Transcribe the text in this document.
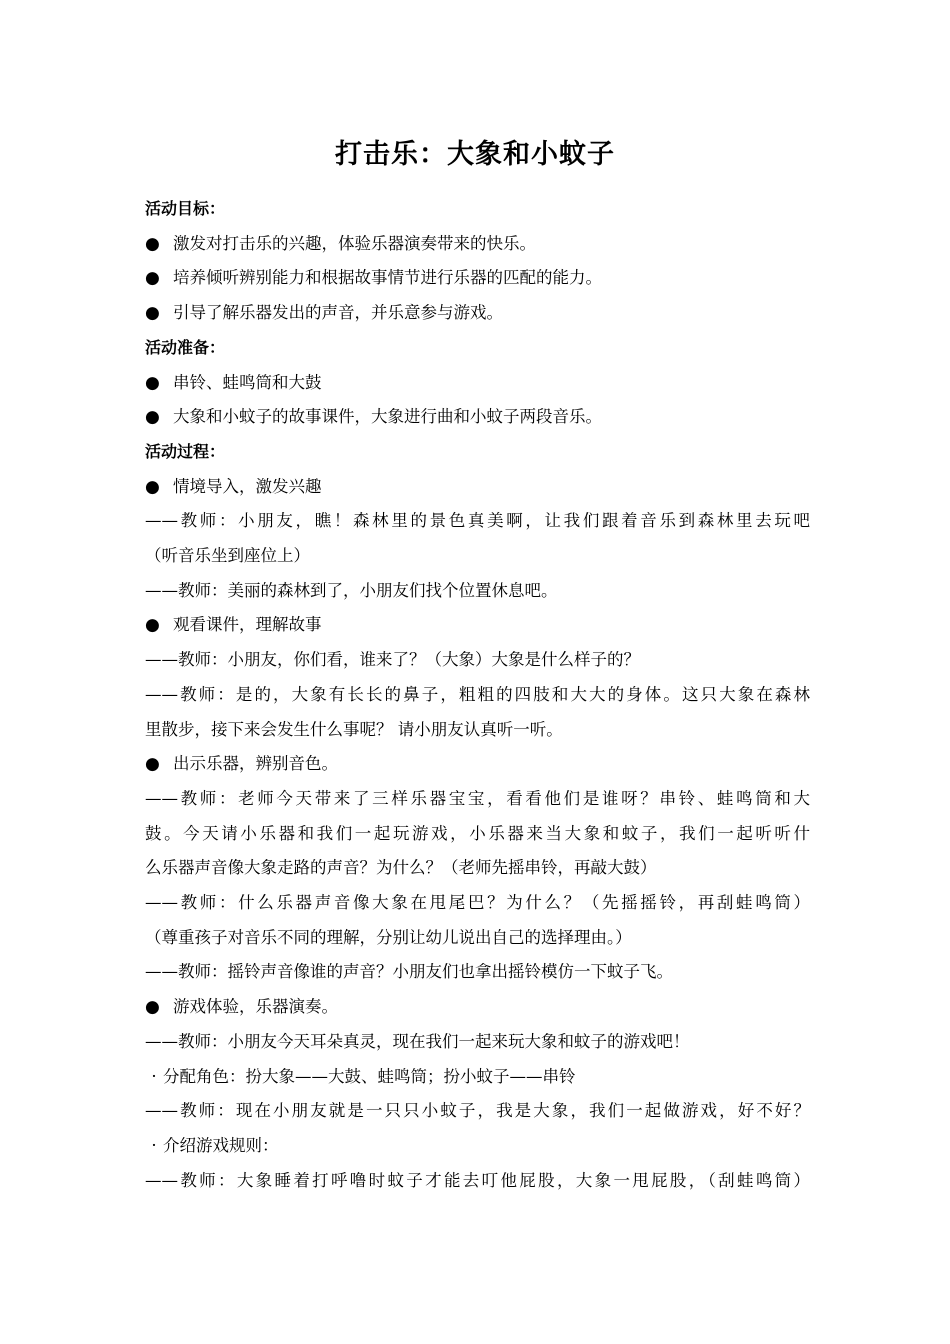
打击乐：大象和小蚊子
活动目标：
● 激发对打击乐的兴趣，体验乐器演奏带来的快乐。
● 培养倾听辨别能力和根据故事情节进行乐器的匹配的能力。
● 引导了解乐器发出的声音，并乐意参与游戏。
活动准备：
● 串铃、蛙鸣筒和大鼓
● 大象和小蚊子的故事课件，大象进行曲和小蚊子两段音乐。
活动过程：
● 情境导入，激发兴趣
——教师：小朋友，瞧！森林里的景色真美啊，让我们跟着音乐到森林里去玩吧
（听音乐坐到座位上）
——教师：美丽的森林到了，小朋友们找个位置休息吧。
● 观看课件，理解故事
——教师：小朋友，你们看，谁来了？（大象）大象是什么样子的？
——教师：是的，大象有长长的鼻子，粗粗的四肢和大大的身体。这只大象在森林
里散步，接下来会发生什么事呢？ 请小朋友认真听一听。
● 出示乐器，辨别音色。
——教师：老师今天带来了三样乐器宝宝，看看他们是谁呀？串铃、蛙鸣筒和大
鼓。今天请小乐器和我们一起玩游戏，小乐器来当大象和蚊子，我们一起听听什
么乐器声音像大象走路的声音？为什么？（老师先摇串铃，再敲大鼓）
——教师：什么乐器声音像大象在甩尾巴？为什么？（先摇摇铃，再刮蛙鸣筒）
（尊重孩子对音乐不同的理解，分别让幼儿说出自己的选择理由。）
——教师：摇铃声音像谁的声音？小朋友们也拿出摇铃模仿一下蚊子飞。
● 游戏体验，乐器演奏。
——教师：小朋友今天耳朵真灵，现在我们一起来玩大象和蚊子的游戏吧！
· 分配角色：扮大象——大鼓、蛙鸣筒；扮小蚊子——串铃
——教师：现在小朋友就是一只只小蚊子，我是大象，我们一起做游戏，好不好？
· 介绍游戏规则：
——教师：大象睡着打呼噜时蚊子才能去叮他屁股，大象一甩屁股，（刮蛙鸣筒）
